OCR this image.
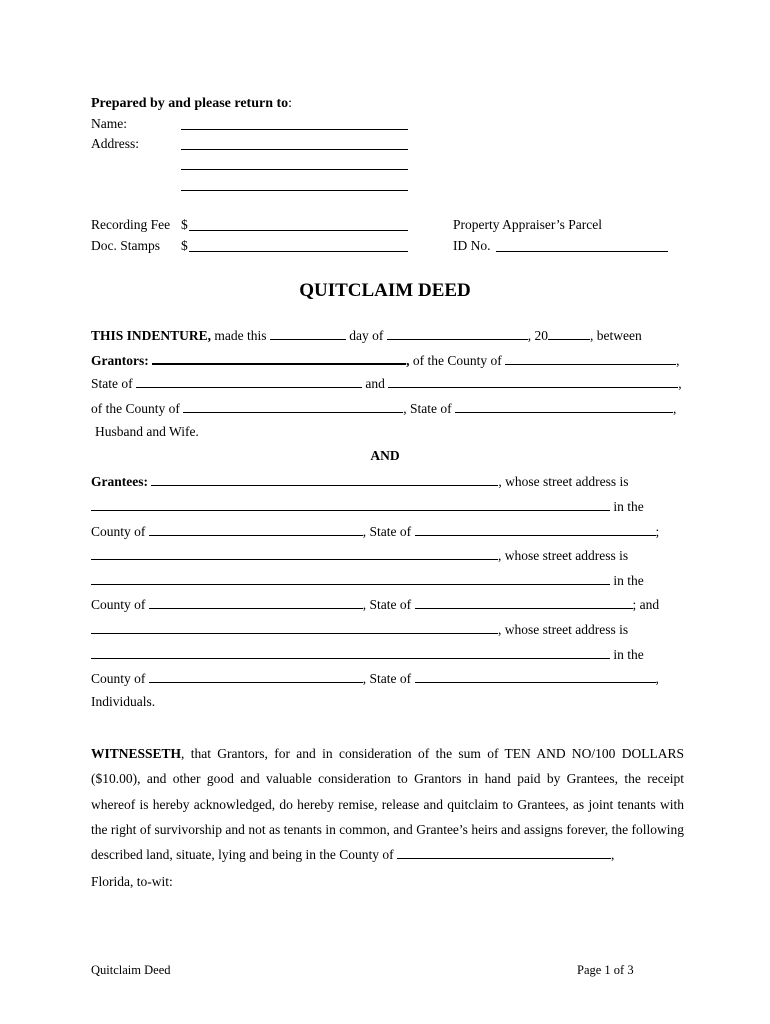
Prepared by and please return to:
Name:
Address:
Recording Fee $
Doc. Stamps $
Property Appraiser’s Parcel
ID No.
QUITCLAIM DEED
THIS INDENTURE, made this	day of	, 20	, between
Grantors:	, of the County of	,
State of	and	,
of the County of	, State of	,
Husband and Wife.
AND
Grantees:	, whose street address is
in the
County of	, State of	;
, whose street address is
in the
County of	, State of	; and
, whose street address is
in the
County of	, State of	,
Individuals.
WITNESSETH, that Grantors, for and in consideration of the sum of TEN AND NO/100 DOLLARS ($10.00), and other good and valuable consideration to Grantors in hand paid by Grantees, the receipt whereof is hereby acknowledged, do hereby remise, release and quitclaim to Grantees, as joint tenants with the right of survivorship and not as tenants in common, and Grantee’s heirs and assigns forever, the following described land, situate, lying and being in the County of	,
Florida, to-wit:
Quitclaim Deed	Page 1 of 3
